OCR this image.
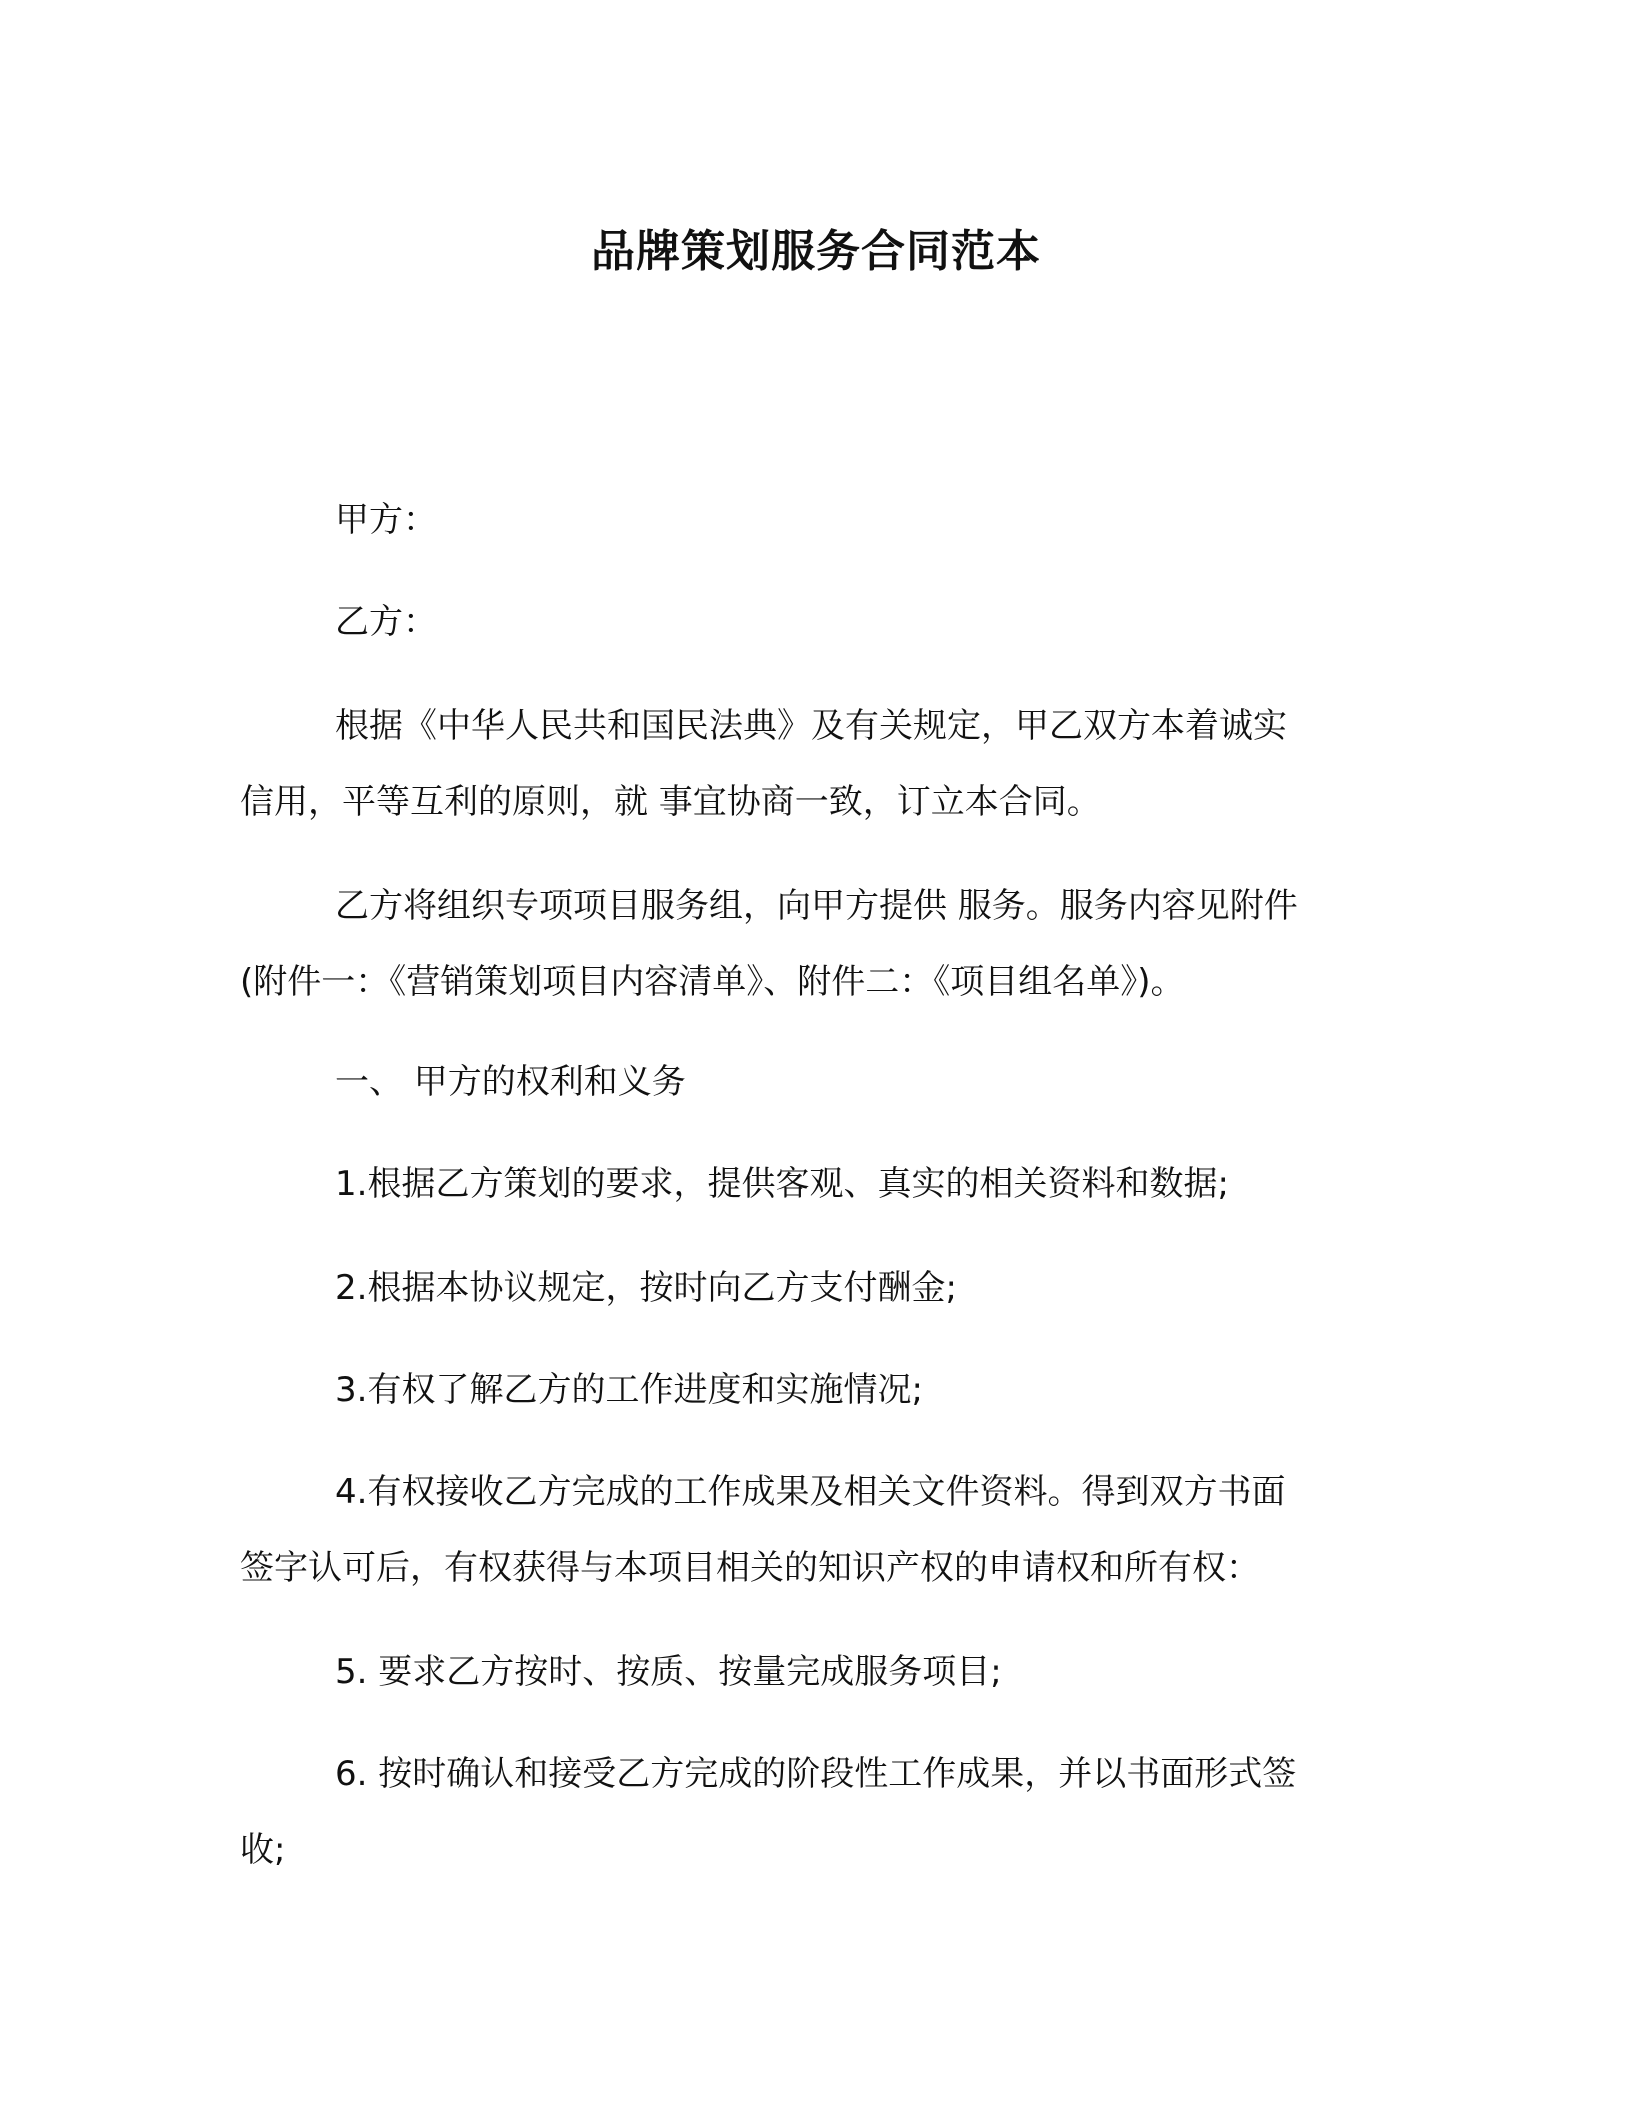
品牌策划服务合同范本

甲方：

乙方：

根据《中华人民共和国民法典》及有关规定，甲乙双方本着诚实
信用，平等互利的原则，就 事宜协商一致，订立本合同。
乙方将组织专项项目服务组，向甲方提供 服务。服务内容见附件
(附件一：《营销策划项目内容清单》、附件二：《项目组名单》)。

一、 甲方的权利和义务

1.根据乙方策划的要求，提供客观、真实的相关资料和数据;

2.根据本协议规定，按时向乙方支付酬金;

3.有权了解乙方的工作进度和实施情况;

4.有权接收乙方完成的工作成果及相关文件资料。得到双方书面
签字认可后，有权获得与本项目相关的知识产权的申请权和所有权：

5. 要求乙方按时、按质、按量完成服务项目;

6. 按时确认和接受乙方完成的阶段性工作成果，并以书面形式签
收;
